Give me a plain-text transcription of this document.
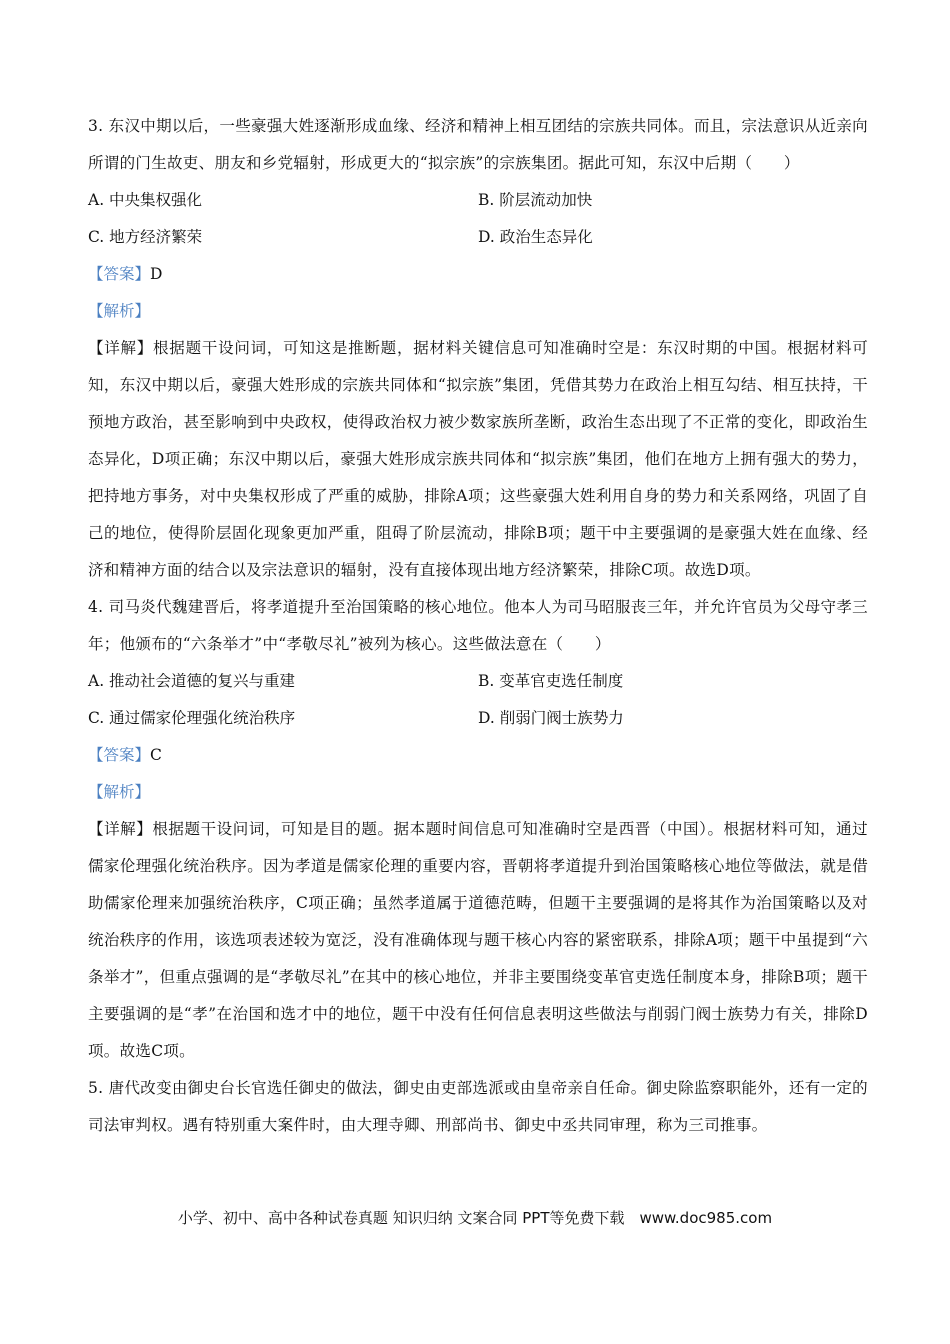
3. 东汉中期以后，一些豪强大姓逐渐形成血缘、经济和精神上相互团结的宗族共同体。而且，宗法意识从近亲向所谓的门生故吏、朋友和乡党辐射，形成更大的“拟宗族”的宗族集团。据此可知，东汉中后期（　　）

A. 中央集权强化	B. 阶层流动加快
C. 地方经济繁荣	D. 政治生态异化
【答案】D
【解析】

【详解】根据题干设问词，可知这是推断题，据材料关键信息可知准确时空是：东汉时期的中国。根据材料可知，东汉中期以后，豪强大姓形成的宗族共同体和“拟宗族”集团，凭借其势力在政治上相互勾结、相互扶持，干预地方政治，甚至影响到中央政权，使得政治权力被少数家族所垄断，政治生态出现了不正常的变化，即政治生态异化，D项正确；东汉中期以后，豪强大姓形成宗族共同体和“拟宗族”集团，他们在地方上拥有强大的势力，把持地方事务，对中央集权形成了严重的威胁，排除A项；这些豪强大姓利用自身的势力和关系网络，巩固了自己的地位，使得阶层固化现象更加严重，阻碍了阶层流动，排除B项；题干中主要强调的是豪强大姓在血缘、经济和精神方面的结合以及宗法意识的辐射，没有直接体现出地方经济繁荣，排除C项。故选D项。

4. 司马炎代魏建晋后，将孝道提升至治国策略的核心地位。他本人为司马昭服丧三年，并允许官员为父母守孝三年；他颁布的“六条举才”中“孝敬尽礼”被列为核心。这些做法意在（　　）

A. 推动社会道德的复兴与重建	B. 变革官吏选任制度
C. 通过儒家伦理强化统治秩序	D. 削弱门阀士族势力
【答案】C
【解析】

【详解】根据题干设问词，可知是目的题。据本题时间信息可知准确时空是西晋（中国）。根据材料可知，通过儒家伦理强化统治秩序。因为孝道是儒家伦理的重要内容，晋朝将孝道提升到治国策略核心地位等做法，就是借助儒家伦理来加强统治秩序，C项正确；虽然孝道属于道德范畴，但题干主要强调的是将其作为治国策略以及对统治秩序的作用，该选项表述较为宽泛，没有准确体现与题干核心内容的紧密联系，排除A项；题干中虽提到“六条举才”，但重点强调的是“孝敬尽礼”在其中的核心地位，并非主要围绕变革官吏选任制度本身，排除B项；题干主要强调的是“孝”在治国和选才中的地位，题干中没有任何信息表明这些做法与削弱门阀士族势力有关，排除D项。故选C项。

5. 唐代改变由御史台长官选任御史的做法，御史由吏部选派或由皇帝亲自任命。御史除监察职能外，还有一定的司法审判权。遇有特别重大案件时，由大理寺卿、刑部尚书、御史中丞共同审理，称为三司推事。

小学、初中、高中各种试卷真题 知识归纳 文案合同 PPT等免费下载　www.doc985.com
